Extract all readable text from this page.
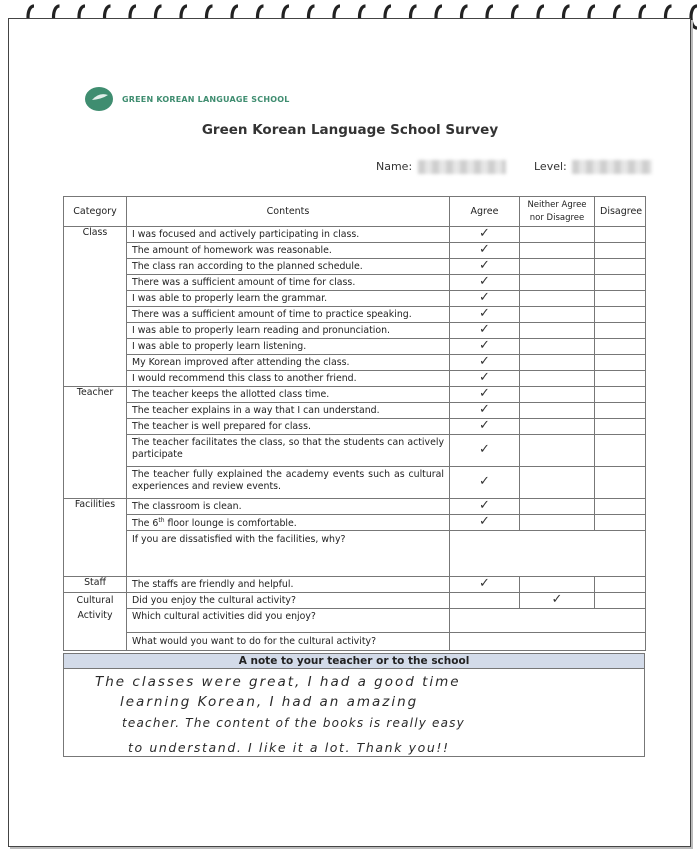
GREEN KOREAN LANGUAGE SCHOOL
Green Korean Language School Survey
Name:	Level:
Category	Contents	Agree	Neither Agree nor Disagree	Disagree
Class	I was focused and actively participating in class.	✓		
	The amount of homework was reasonable.	✓		
	The class ran according to the planned schedule.	✓		
	There was a sufficient amount of time for class.	✓		
	I was able to properly learn the grammar.	✓		
	There was a sufficient amount of time to practice speaking.	✓		
	I was able to properly learn reading and pronunciation.	✓		
	I was able to properly learn listening.	✓		
	My Korean improved after attending the class.	✓		
	I would recommend this class to another friend.	✓		
Teacher	The teacher keeps the allotted class time.	✓		
	The teacher explains in a way that I can understand.	✓		
	The teacher is well prepared for class.	✓		
	The teacher facilitates the class, so that the students can actively participate	✓		
	The teacher fully explained the academy events such as cultural experiences and review events.	✓		
Facilities	The classroom is clean.	✓		
	The 6th floor lounge is comfortable.	✓		
	If you are dissatisfied with the facilities, why?			
Staff	The staffs are friendly and helpful.	✓		
Cultural Activity	Did you enjoy the cultural activity?		✓	
	Which cultural activities did you enjoy?			
	What would you want to do for the cultural activity?			
A note to your teacher or to the school
The classes were great, I had a good time
learning Korean, I had an amazing
teacher. The content of the books is really easy
to understand. I like it a lot. Thank you!!
